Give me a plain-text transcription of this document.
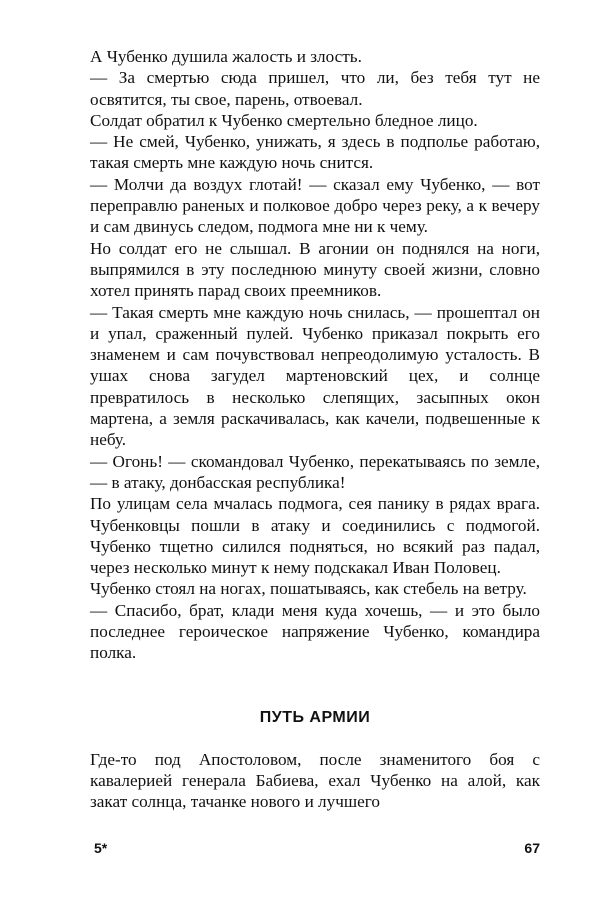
А Чубенко душила жалость и злость.

— За смертью сюда пришел, что ли, без тебя тут не освятится, ты свое, парень, отвоевал.

Солдат обратил к Чубенко смертельно бледное лицо.

— Не смей, Чубенко, унижать, я здесь в подполье работаю, такая смерть мне каждую ночь снится.

— Молчи да воздух глотай! — сказал ему Чубенко, — вот переправлю раненых и полковое добро через реку, а к вечеру и сам двинусь следом, подмога мне ни к чему.

Но солдат его не слышал. В агонии он поднялся на ноги, выпрямился в эту последнюю минуту своей жизни, словно хотел принять парад своих преемников.

— Такая смерть мне каждую ночь снилась, — прошептал он и упал, сраженный пулей. Чубенко приказал покрыть его знаменем и сам почувствовал непреодолимую усталость. В ушах снова загудел мартеновский цех, и солнце превратилось в несколько слепящих, засыпных окон мартена, а земля раскачивалась, как качели, подвешенные к небу.

— Огонь! — скомандовал Чубенко, перекатываясь по земле, — в атаку, донбасская республика!

По улицам села мчалась подмога, сея панику в рядах врага. Чубенковцы пошли в атаку и соединились с подмогой. Чубенко тщетно силился подняться, но всякий раз падал, через несколько минут к нему подскакал Иван Половец.

Чубенко стоял на ногах, пошатываясь, как стебель на ветру.

— Спасибо, брат, клади меня куда хочешь, — и это было последнее героическое напряжение Чубенко, командира полка.

ПУТЬ АРМИИ

Где-то под Апостоловом, после знаменитого боя с кавалерией генерала Бабиева, ехал Чубенко на алой, как закат солнца, тачанке нового и лучшего

5*	67
